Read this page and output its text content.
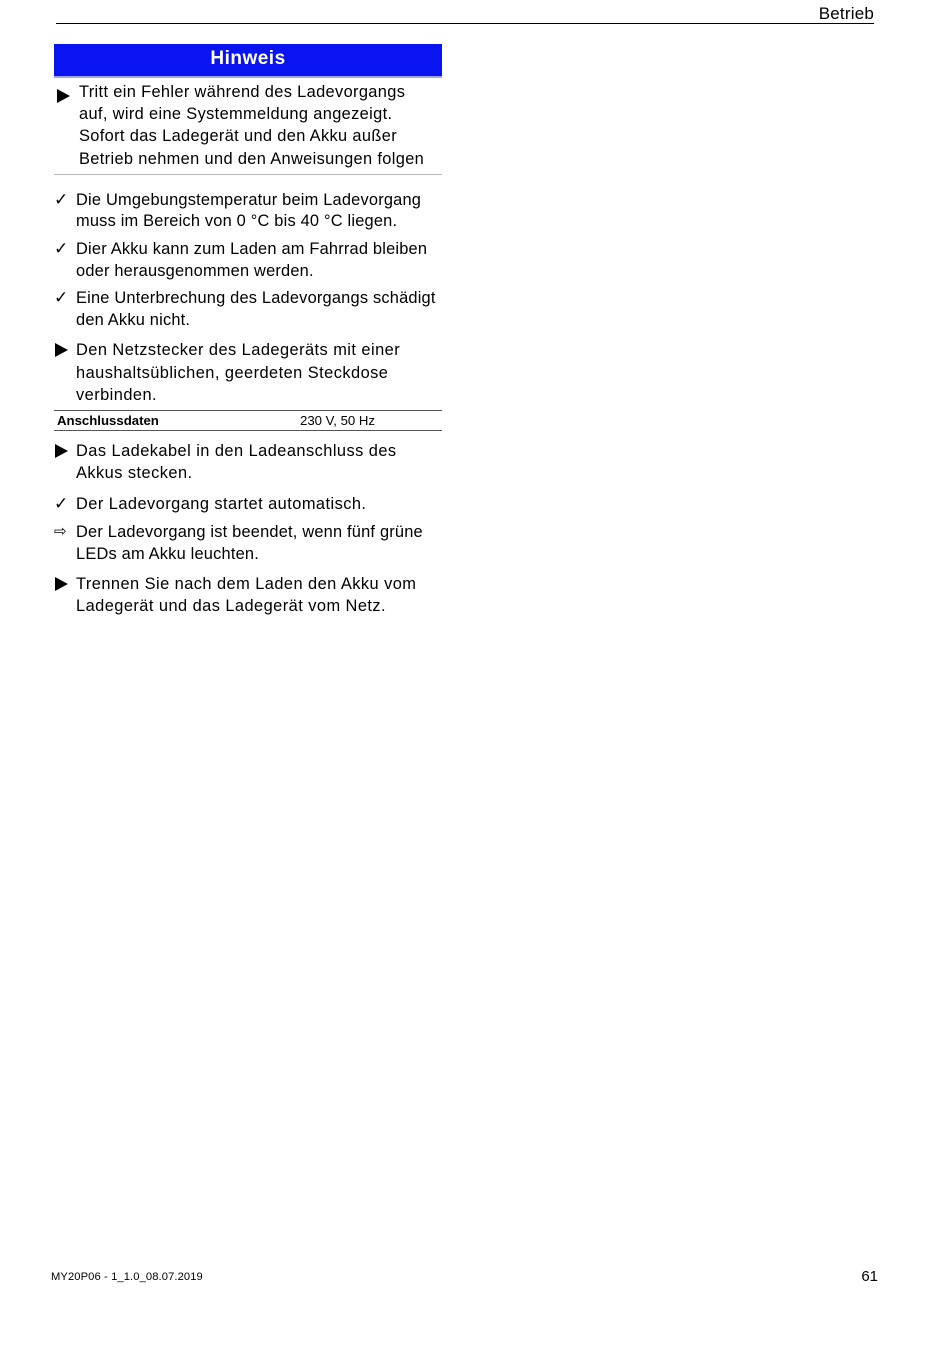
Betrieb
Hinweis
Tritt ein Fehler während des Ladevorgangs
auf, wird eine Systemmeldung angezeigt.
Sofort das Ladegerät und den Akku außer
Betrieb nehmen und den Anweisungen folgen
✓ Die Umgebungstemperatur beim Ladevorgang
muss im Bereich von 0 °C bis 40 °C liegen.
✓ Dier Akku kann zum Laden am Fahrrad bleiben
oder herausgenommen werden.
✓ Eine Unterbrechung des Ladevorgangs schädigt
den Akku nicht.
Den Netzstecker des Ladegeräts mit einer
haushaltsüblichen, geerdeten Steckdose
verbinden.
Anschlussdaten	230 V, 50 Hz
Das Ladekabel in den Ladeanschluss des
Akkus stecken.
✓ Der Ladevorgang startet automatisch.
⇨ Der Ladevorgang ist beendet, wenn fünf grüne
LEDs am Akku leuchten.
Trennen Sie nach dem Laden den Akku vom
Ladegerät und das Ladegerät vom Netz.
MY20P06 - 1_1.0_08.07.2019	61
